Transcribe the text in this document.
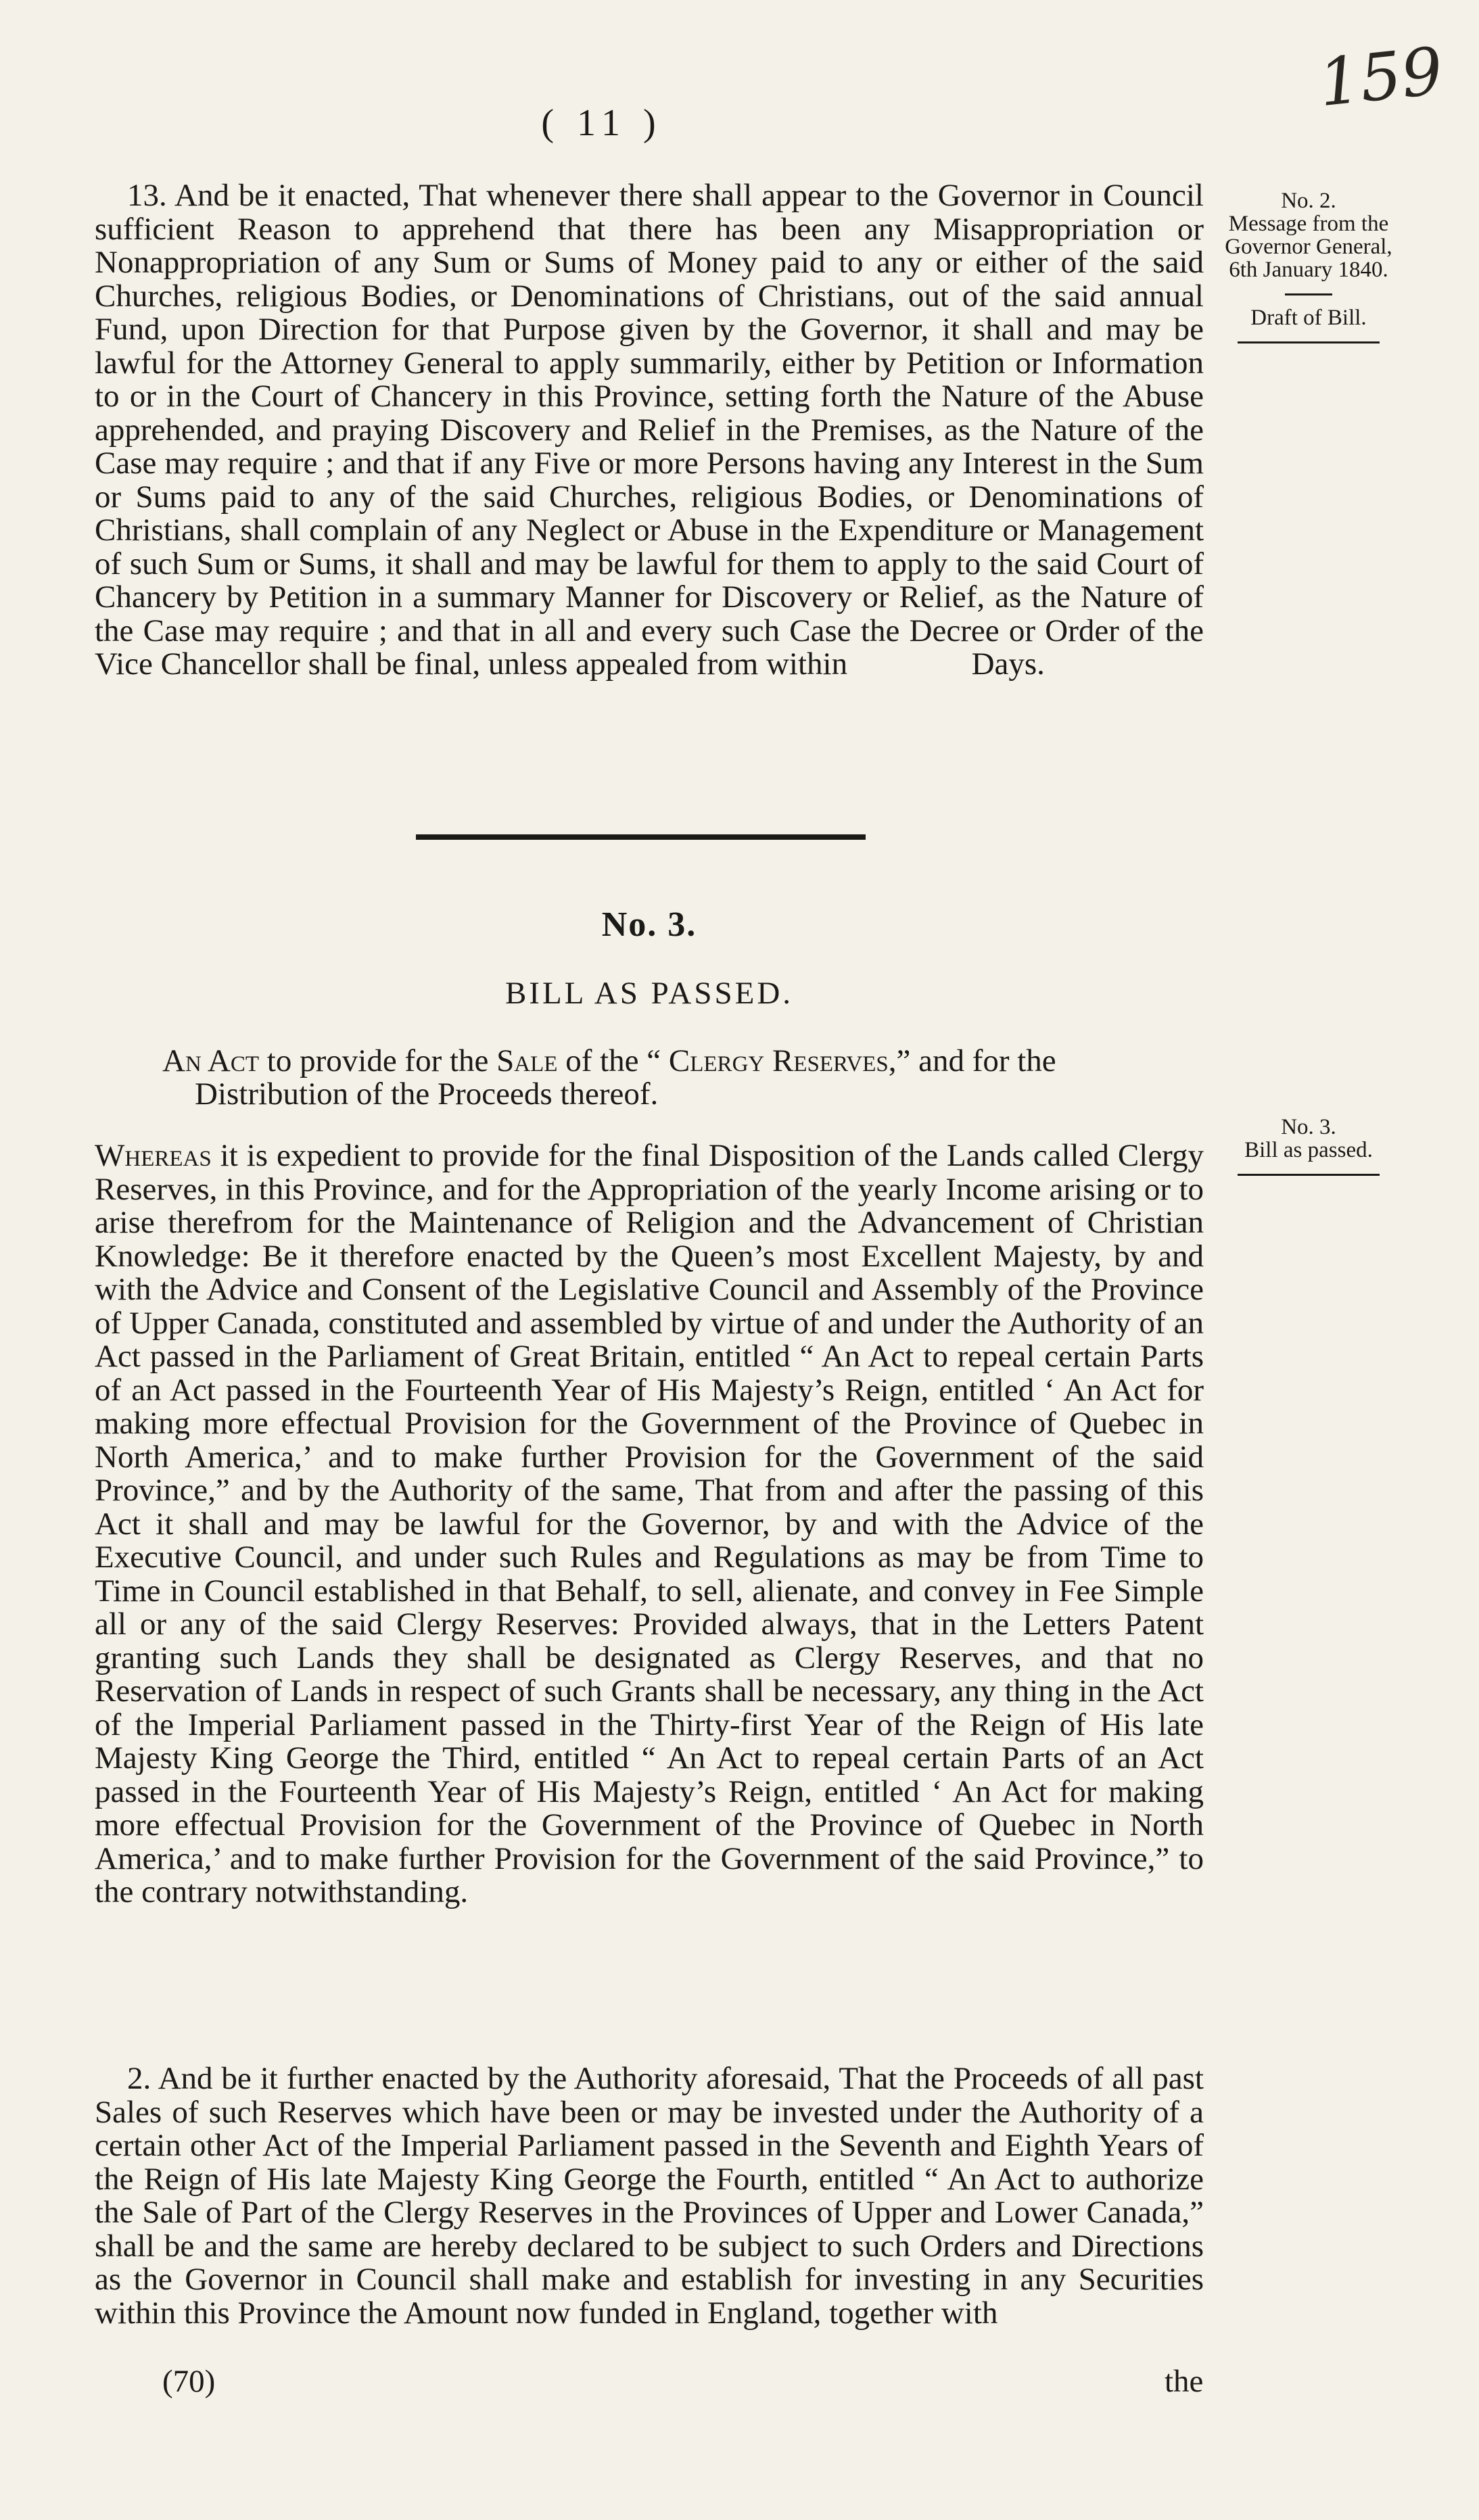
159
( 11 )
13. And be it enacted, That whenever there shall appear to the Governor in Council sufficient Reason to apprehend that there has been any Misappropriation or Nonappropriation of any Sum or Sums of Money paid to any or either of the said Churches, religious Bodies, or Denominations of Christians, out of the said annual Fund, upon Direction for that Purpose given by the Governor, it shall and may be lawful for the Attorney General to apply summarily, either by Petition or Information to or in the Court of Chancery in this Province, setting forth the Nature of the Abuse apprehended, and praying Discovery and Relief in the Premises, as the Nature of the Case may require ; and that if any Five or more Persons having any Interest in the Sum or Sums paid to any of the said Churches, religious Bodies, or Denominations of Christians, shall complain of any Neglect or Abuse in the Expenditure or Management of such Sum or Sums, it shall and may be lawful for them to apply to the said Court of Chancery by Petition in a summary Manner for Discovery or Relief, as the Nature of the Case may require ; and that in all and every such Case the Decree or Order of the Vice Chancellor shall be final, unless appealed from within	Days.
No. 2.
Message from the Governor General, 6th January 1840.
Draft of Bill.
No. 3.
BILL AS PASSED.
An Act to provide for the Sale of the “ Clergy Reserves,” and for the Distribution of the Proceeds thereof.
No. 3.
Bill as passed.
Whereas it is expedient to provide for the final Disposition of the Lands called Clergy Reserves, in this Province, and for the Appropriation of the yearly Income arising or to arise therefrom for the Maintenance of Religion and the Advancement of Christian Knowledge: Be it therefore enacted by the Queen’s most Excellent Majesty, by and with the Advice and Consent of the Legislative Council and Assembly of the Province of Upper Canada, constituted and assembled by virtue of and under the Authority of an Act passed in the Parliament of Great Britain, entitled “ An Act to repeal certain Parts of an Act passed in the Fourteenth Year of His Majesty’s Reign, entitled ‘ An Act for making more effectual Provision for the Government of the Province of Quebec in North America,’ and to make further Provision for the Government of the said Province,” and by the Authority of the same, That from and after the passing of this Act it shall and may be lawful for the Governor, by and with the Advice of the Executive Council, and under such Rules and Regulations as may be from Time to Time in Council established in that Behalf, to sell, alienate, and convey in Fee Simple all or any of the said Clergy Reserves: Provided always, that in the Letters Patent granting such Lands they shall be designated as Clergy Reserves, and that no Reservation of Lands in respect of such Grants shall be necessary, any thing in the Act of the Imperial Parliament passed in the Thirty-first Year of the Reign of His late Majesty King George the Third, entitled “ An Act to repeal certain Parts of an Act passed in the Fourteenth Year of His Majesty’s Reign, entitled ‘ An Act for making more effectual Provision for the Government of the Province of Quebec in North America,’ and to make further Provision for the Government of the said Province,” to the contrary notwithstanding.
2. And be it further enacted by the Authority aforesaid, That the Proceeds of all past Sales of such Reserves which have been or may be invested under the Authority of a certain other Act of the Imperial Parliament passed in the Seventh and Eighth Years of the Reign of His late Majesty King George the Fourth, entitled “ An Act to authorize the Sale of Part of the Clergy Reserves in the Provinces of Upper and Lower Canada,” shall be and the same are hereby declared to be subject to such Orders and Directions as the Governor in Council shall make and establish for investing in any Securities within this Province the Amount now funded in England, together with
(70)	the
